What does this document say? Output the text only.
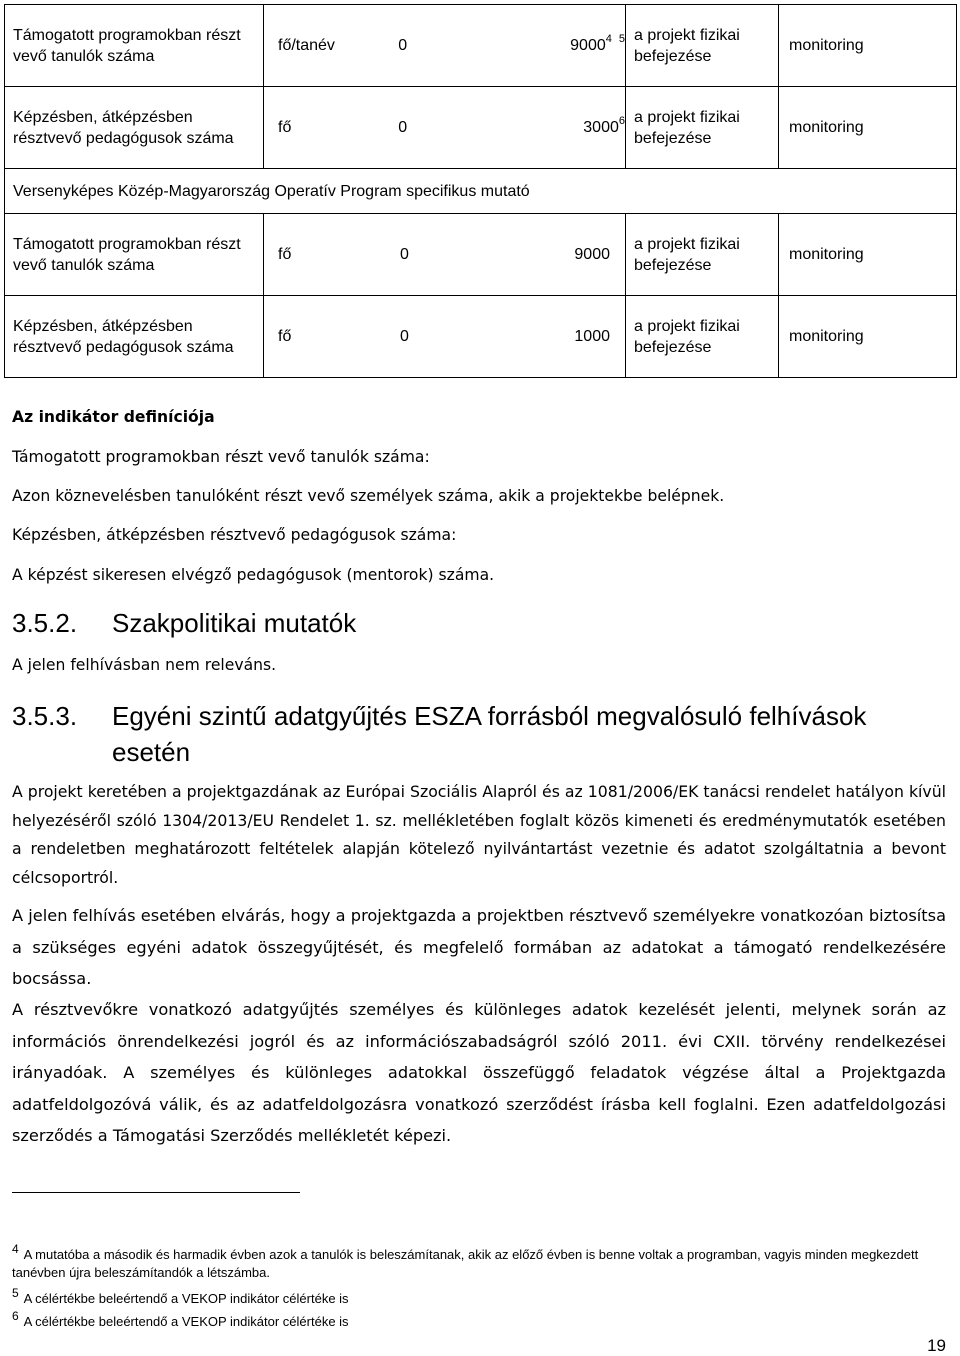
Támogatott programokban részt vevő tanulók száma	fő/tanév 0 9000$^4$ $^5$	a projekt fizikai befejezése	monitoring
Képzésben, átképzésben résztvevő pedagógusok száma	fő 0 3000$^6$	a projekt fizikai befejezése	monitoring
Versenyképes Közép-Magyarország Operatív Program specifikus mutató			
Támogatott programokban részt vevő tanulók száma	fő 0 9000	a projekt fizikai befejezése	monitoring
Képzésben, átképzésben résztvevő pedagógusok száma	fő 0 1000	a projekt fizikai befejezése	monitoring
Az indikátor definíciója
Támogatott programokban részt vevő tanulók száma:
Azon köznevelésben tanulóként részt vevő személyek száma, akik a projektekbe belépnek.
Képzésben, átképzésben résztvevő pedagógusok száma:
A képzést sikeresen elvégző pedagógusok (mentorok) száma.
3.5.2. Szakpolitikai mutatók
A jelen felhívásban nem releváns.
3.5.3. Egyéni szintű adatgyűjtés ESZA forrásból megvalósuló felhívások
esetén
A projekt keretében a projektgazdának az Európai Szociális Alapról és az 1081/2006/EK tanácsi rendelet hatályon kívül helyezéséről szóló 1304/2013/EU Rendelet 1. sz. mellékletében foglalt közös kimeneti és eredménymutatók esetében a rendeletben meghatározott feltételek alapján kötelező nyilvántartást vezetnie és adatot szolgáltatnia a bevont célcsoportról.
A jelen felhívás esetében elvárás, hogy a projektgazda a projektben résztvevő személyekre vonatkozóan biztosítsa a szükséges egyéni adatok összegyűjtését, és megfelelő formában az adatokat a támogató rendelkezésére bocsássa.
A résztvevőkre vonatkozó adatgyűjtés személyes és különleges adatok kezelését jelenti, melynek során az információs önrendelkezési jogról és az információszabadságról szóló 2011. évi CXII. törvény rendelkezései irányadóak. A személyes és különleges adatokkal összefüggő feladatok végzése által a Projektgazda adatfeldolgozóvá válik, és az adatfeldolgozásra vonatkozó szerződést írásba kell foglalni. Ezen adatfeldolgozási szerződés a Támogatási Szerződés mellékletét képezi.
4 A mutatóba a második és harmadik évben azok a tanulók is beleszámítanak, akik az előző évben is benne voltak a programban, vagyis minden megkezdett tanévben újra beleszámítandók a létszámba.
5 A célértékbe beleértendő a VEKOP indikátor célértéke is
6 A célértékbe beleértendő a VEKOP indikátor célértéke is
19
